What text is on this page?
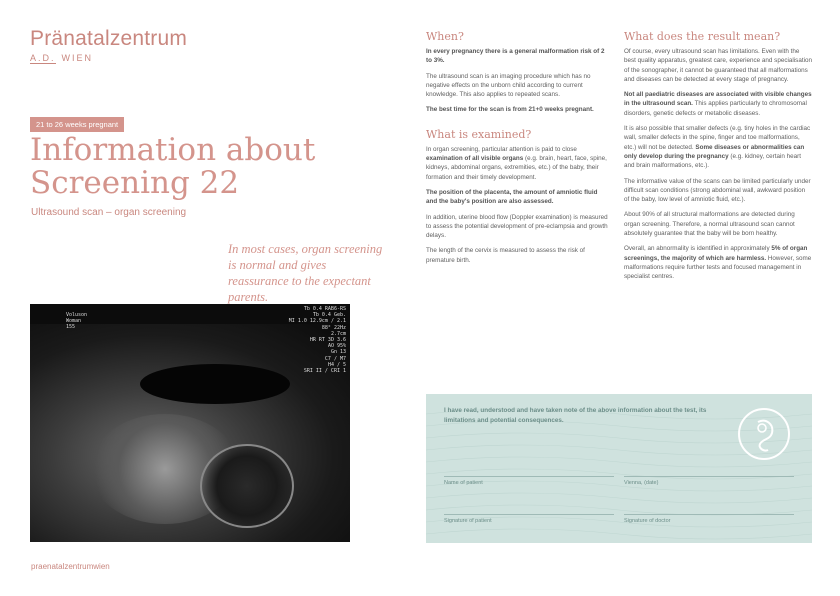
Pränatalzentrum
A.D. WIEN
21 to 26 weeks pregnant
Information about
Screening 22
Ultrasound scan – organ screening
In most cases, organ screening is normal and gives reassurance to the expectant parents.
Voluson
Woman
155
Tb 0.4 RAB6-RS
Tb 0.4 Geb.
MI 1.0 12.9cm / 2.1
88° 22Hz
2.7cm
HR RT 3D 3.6
AO 95%
Gn 13
C7 / M7
H4 / 5
SRI II / CRI 1
praenatalzentrumwien
When?

In every pregnancy there is a general malformation risk of 2 to 3%.

The ultrasound scan is an imaging procedure which has no negative effects on the unborn child according to current knowledge. This also applies to repeated scans.

The best time for the scan is from 21+0 weeks pregnant.

What is examined?

In organ screening, particular attention is paid to close examination of all visible organs (e.g. brain, heart, face, spine, kidneys, abdominal organs, extremities, etc.) of the baby, their formation and their timely development.

The position of the placenta, the amount of amniotic fluid and the baby's position are also assessed.

In addition, uterine blood flow (Doppler examination) is measured to assess the potential development of pre-eclampsia and growth delays.

The length of the cervix is measured to assess the risk of premature birth.

What does the result mean?

Of course, every ultrasound scan has limitations. Even with the best quality apparatus, greatest care, experience and specialisation of the sonographer, it cannot be guaranteed that all malformations and diseases can be detected at every stage of pregnancy.

Not all paediatric diseases are associated with visible changes in the ultrasound scan. This applies particularly to chromosomal disorders, genetic defects or metabolic diseases.

It is also possible that smaller defects (e.g. tiny holes in the cardiac wall, smaller defects in the spine, finger and toe malformations, etc.) will not be detected. Some diseases or abnormalities can only develop during the pregnancy (e.g. kidney, certain heart and brain malformations, etc.).

The informative value of the scans can be limited particularly under difficult scan conditions (strong abdominal wall, awkward position of the baby, low level of amniotic fluid, etc.).

About 90% of all structural malformations are detected during organ screening. Therefore, a normal ultrasound scan cannot absolutely guarantee that the baby will be born healthy.

Overall, an abnormality is identified in approximately 5% of organ screenings, the majority of which are harmless. However, some malformations require further tests and focused management in specialist centres.

I have read, understood and have taken note of the above information about the test, its limitations and potential consequences.
Name of patient	Vienna, (date)
Signature of patient	Signature of doctor
